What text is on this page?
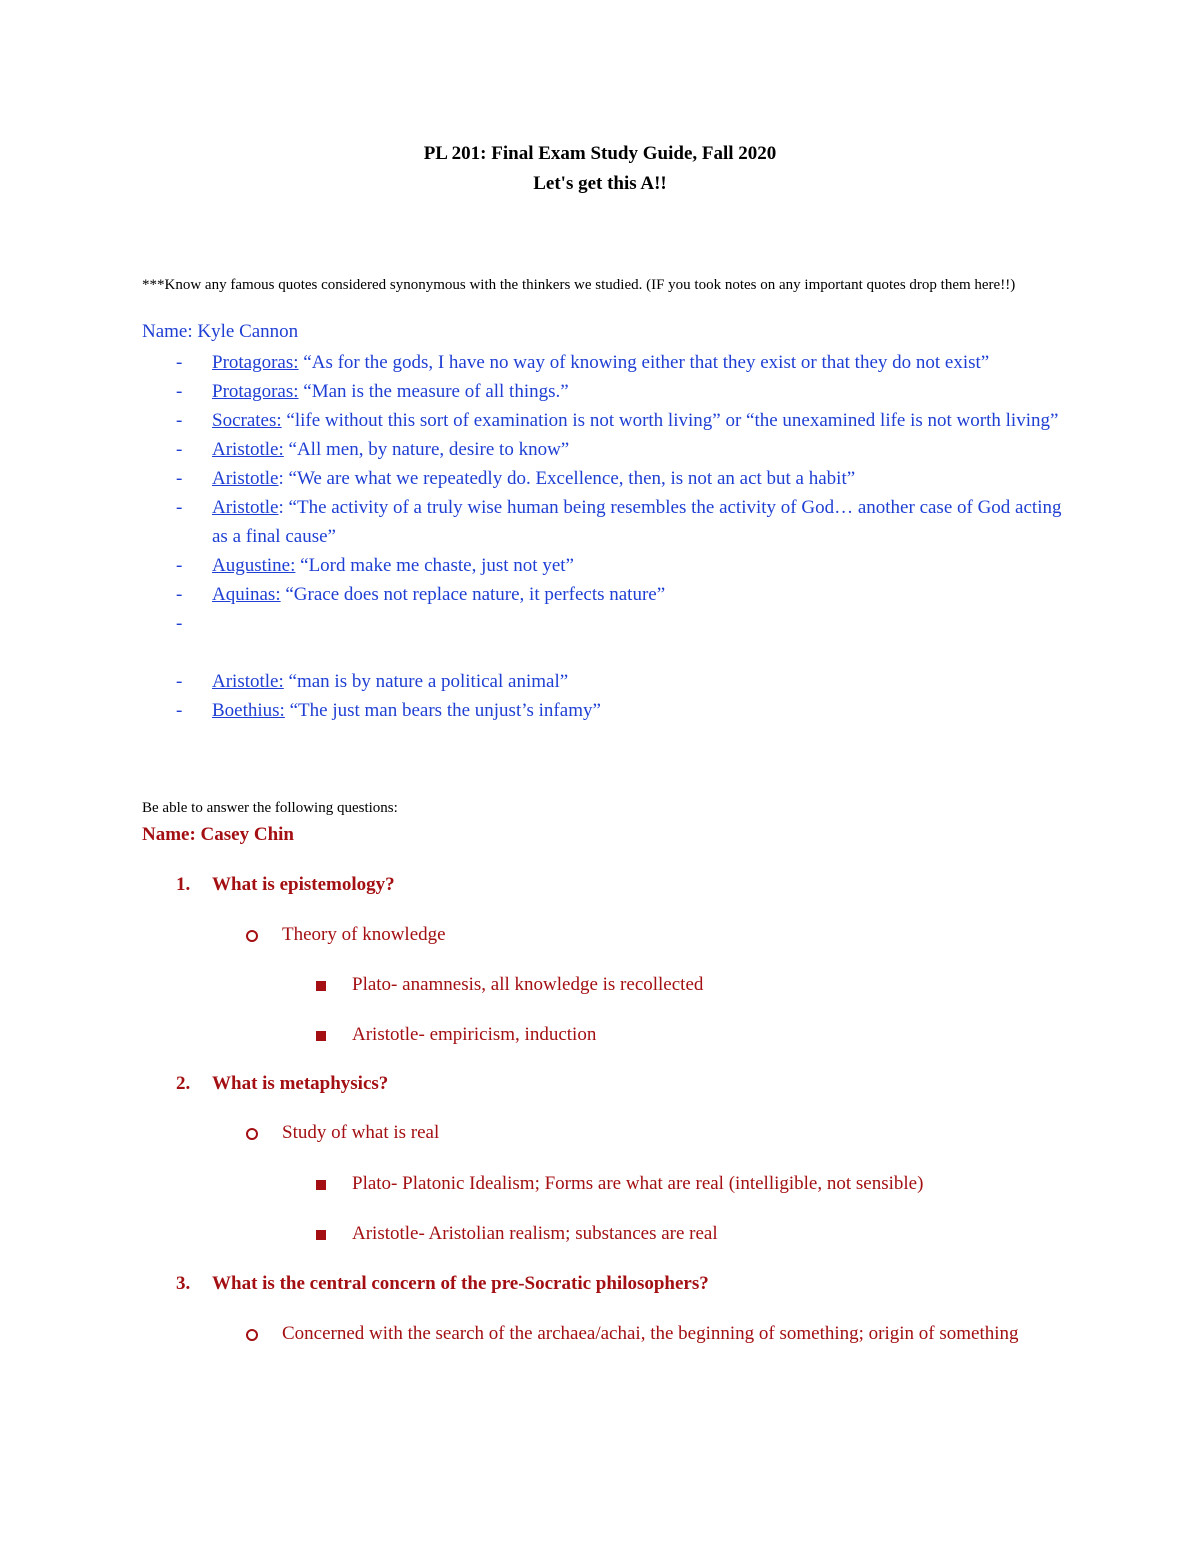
PL 201: Final Exam Study Guide, Fall 2020
Let's get this A!!
***Know any famous quotes considered synonymous with the thinkers we studied. (IF you took notes on any important quotes drop them here!!)
Name: Kyle Cannon
- Protagoras: “As for the gods, I have no way of knowing either that they exist or that they do not exist”
- Protagoras: “Man is the measure of all things.”
- Socrates: “life without this sort of examination is not worth living” or “the unexamined life is not worth living”
- Aristotle: “All men, by nature, desire to know”
- Aristotle: “We are what we repeatedly do. Excellence, then, is not an act but a habit”
- Aristotle: “The activity of a truly wise human being resembles the activity of God… another case of God acting as a final cause”
- Augustine: “Lord make me chaste, just not yet”
- Aquinas: “Grace does not replace nature, it perfects nature”
-
- Aristotle: “man is by nature a political animal”
- Boethius: “The just man bears the unjust’s infamy”
Be able to answer the following questions:
Name: Casey Chin
1. What is epistemology?
Theory of knowledge
Plato- anamnesis, all knowledge is recollected
Aristotle- empiricism, induction
2. What is metaphysics?
Study of what is real
Plato- Platonic Idealism; Forms are what are real (intelligible, not sensible)
Aristotle- Aristolian realism; substances are real
3. What is the central concern of the pre-Socratic philosophers?
Concerned with the search of the archaea/achai, the beginning of something; origin of something
